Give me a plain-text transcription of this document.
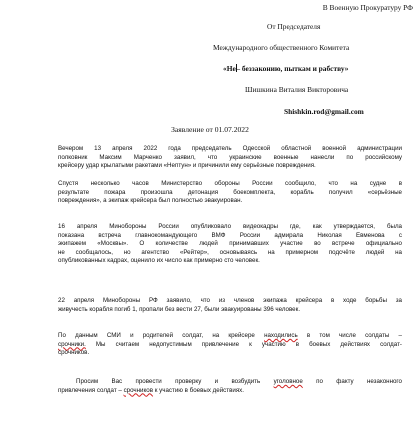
В Военную Прокуратуру РФ
От Председателя
Международного общественного Комитета
«Не– беззаконию, пыткам и рабству»
Шишкина Виталия Викторовича
Shishkin.rod@gmail.com
Заявление от 01.07.2022

Вечером 13 апреля 2022 года председатель Одесской областной военной администрации

полковник Максим Марченко заявил, что украинские военные нанесли по российскому

крейсеру удар крылатыми ракетами «Нептун» и причинили ему серьёзные повреждения.

Спустя несколько часов Министерство обороны России сообщило, что на судне в

результате пожара произошла детонация боекомплекта, корабль получил «серьёзные

повреждения», а экипаж крейсера был полностью эвакуирован.

16 апреля Минобороны России опубликовало видеокадры где, как утверждается, была

показана встреча главнокомандующего ВМФ России адмирала Николая Евменова с

экипажем «Москвы». О количестве людей принимавших участие во встрече официально

не сообщалось, но агентство «Рейтер», основываясь на примерном подсчёте людей на

опубликованных кадрах, оценило их число как примерно сто человек.

22 апреля Минобороны РФ заявило, что из членов экипажа крейсера в ходе борьбы за

живучесть корабля погиб 1, пропали без вести 27, были эвакуированы 396 человек.

По данным СМИ и родителей солдат, на крейсере находились в том числе солдаты –

срочники. Мы считаем недопустимым привлечение к участию в боевых действиях солдат-

срочников.

Просим Вас провести проверку и возбудить уголовное по факту незаконного

привлечения солдат – срочников к участию в боевых действиях.
